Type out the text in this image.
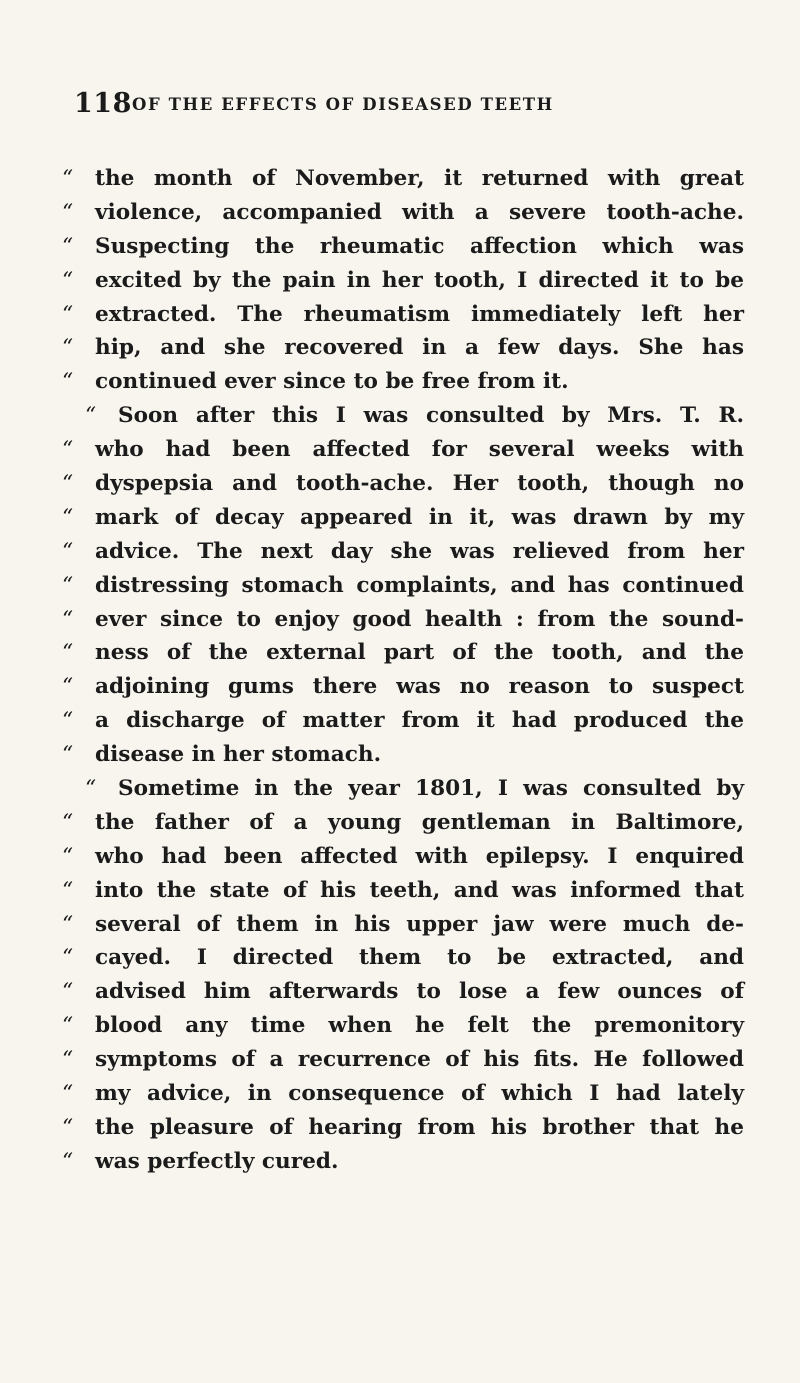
118 OF THE EFFECTS OF DISEASED TEETH
“	the month of November, it returned with great
“	violence, accompanied with a severe tooth-ache.
“	Suspecting the rheumatic affection which was
“	excited by the pain in her tooth, I directed it to be
“	extracted. The rheumatism immediately left her
“	hip, and she recovered in a few days. She has
“	continued ever since to be free from it.
“	Soon after this I was consulted by Mrs. T. R.
“	who had been affected for several weeks with
“	dyspepsia and tooth-ache. Her tooth, though no
“	mark of decay appeared in it, was drawn by my
“	advice. The next day she was relieved from her
“	distressing stomach complaints, and has continued
“	ever since to enjoy good health : from the sound-
“	ness of the external part of the tooth, and the
“	adjoining gums there was no reason to suspect
“	a discharge of matter from it had produced the
“	disease in her stomach.
“	Sometime in the year 1801, I was consulted by
“	the father of a young gentleman in Baltimore,
“	who had been affected with epilepsy. I enquired
“	into the state of his teeth, and was informed that
“	several of them in his upper jaw were much de-
“	cayed. I directed them to be extracted, and
“	advised him afterwards to lose a few ounces of
“	blood any time when he felt the premonitory
“	symptoms of a recurrence of his fits. He followed
“	my advice, in consequence of which I had lately
“	the pleasure of hearing from his brother that he
“	was perfectly cured.
